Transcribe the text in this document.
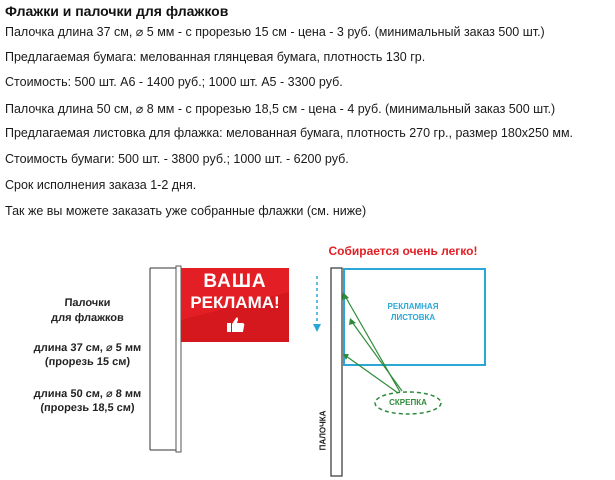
Флажки и палочки для флажков
Палочка длина 37 см, ⌀ 5 мм - с прорезью 15 см - цена - 3 руб. (минимальный заказ 500 шт.)
Предлагаемая бумага: мелованная глянцевая бумага, плотность 130 гр.
Стоимость: 500 шт. А6 - 1400 руб.; 1000 шт. А5 - 3300 руб.
Палочка длина 50 см, ⌀ 8 мм - с прорезью 18,5 см - цена - 4 руб. (минимальный заказ 500 шт.)
Предлагаемая листовка для флажка: мелованная бумага, плотность 270 гр., размер 180х250 мм.
Стоимость бумаги: 500 шт. - 3800 руб.; 1000 шт. - 6200 руб.
Срок исполнения заказа 1-2 дня.
Так же вы можете заказать уже собранные флажки (см. ниже)
ВАША
РЕКЛАМА!
Палочки
для флажков
длина 37 см, ⌀ 5 мм
(прорезь 15 см)
длина 50 см, ⌀ 8 мм
(прорезь 18,5 см)
Собирается очень легко!
РЕКЛАМНАЯ
ЛИСТОВКА
СКРЕПКА
ПАЛОЧКА
